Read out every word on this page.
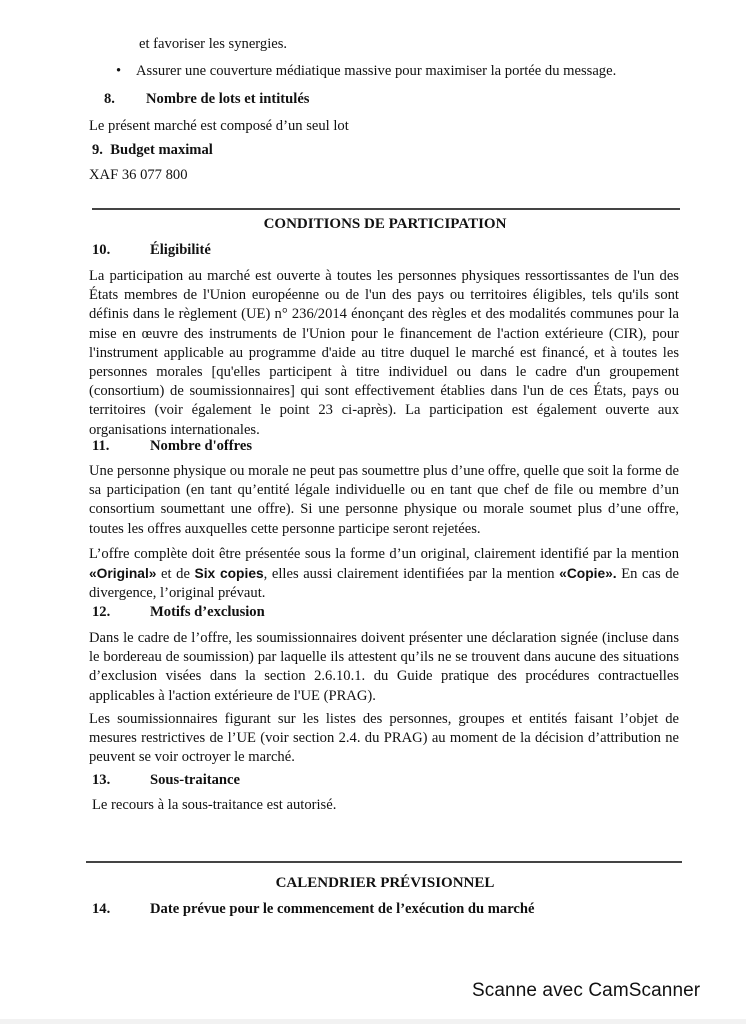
et favoriser les synergies.
• Assurer une couverture médiatique massive pour maximiser la portée du message.
8. Nombre de lots et intitulés
Le présent marché est composé d’un seul lot
9. Budget maximal
XAF 36 077 800
CONDITIONS DE PARTICIPATION
10.	Éligibilité
La participation au marché est ouverte à toutes les personnes physiques ressortissantes de l'un des États membres de l'Union européenne ou de l'un des pays ou territoires éligibles, tels qu'ils sont définis dans le règlement (UE) n° 236/2014 énonçant des règles et des modalités communes pour la mise en œuvre des instruments de l'Union pour le financement de l'action extérieure (CIR), pour l'instrument applicable au programme d'aide au titre duquel le marché est financé, et à toutes les personnes morales [qu'elles participent à titre individuel ou dans le cadre d'un groupement (consortium) de soumissionnaires] qui sont effectivement établies dans l'un de ces États, pays ou territoires (voir également le point 23 ci-après). La participation est également ouverte aux organisations internationales.
11.	Nombre d'offres
Une personne physique ou morale ne peut pas soumettre plus d’une offre, quelle que soit la forme de sa participation (en tant qu’entité légale individuelle ou en tant que chef de file ou membre d’un consortium soumettant une offre). Si une personne physique ou morale soumet plus d’une offre, toutes les offres auxquelles cette personne participe seront rejetées.
L’offre complète doit être présentée sous la forme d’un original, clairement identifié par la mention «Original» et de Six copies, elles aussi clairement identifiées par la mention «Copie». En cas de divergence, l’original prévaut.
12.	Motifs d’exclusion
Dans le cadre de l’offre, les soumissionnaires doivent présenter une déclaration signée (incluse dans le bordereau de soumission) par laquelle ils attestent qu’ils ne se trouvent dans aucune des situations d’exclusion visées dans la section 2.6.10.1. du Guide pratique des procédures contractuelles applicables à l'action extérieure de l'UE (PRAG).
Les soumissionnaires figurant sur les listes des personnes, groupes et entités faisant l’objet de mesures restrictives de l’UE (voir section 2.4. du PRAG) au moment de la décision d’attribution ne peuvent se voir octroyer le marché.
13.	Sous-traitance
Le recours à la sous-traitance est autorisé.
CALENDRIER PRÉVISIONNEL
14.	Date prévue pour le commencement de l’exécution du marché
Scanne avec CamScanner
